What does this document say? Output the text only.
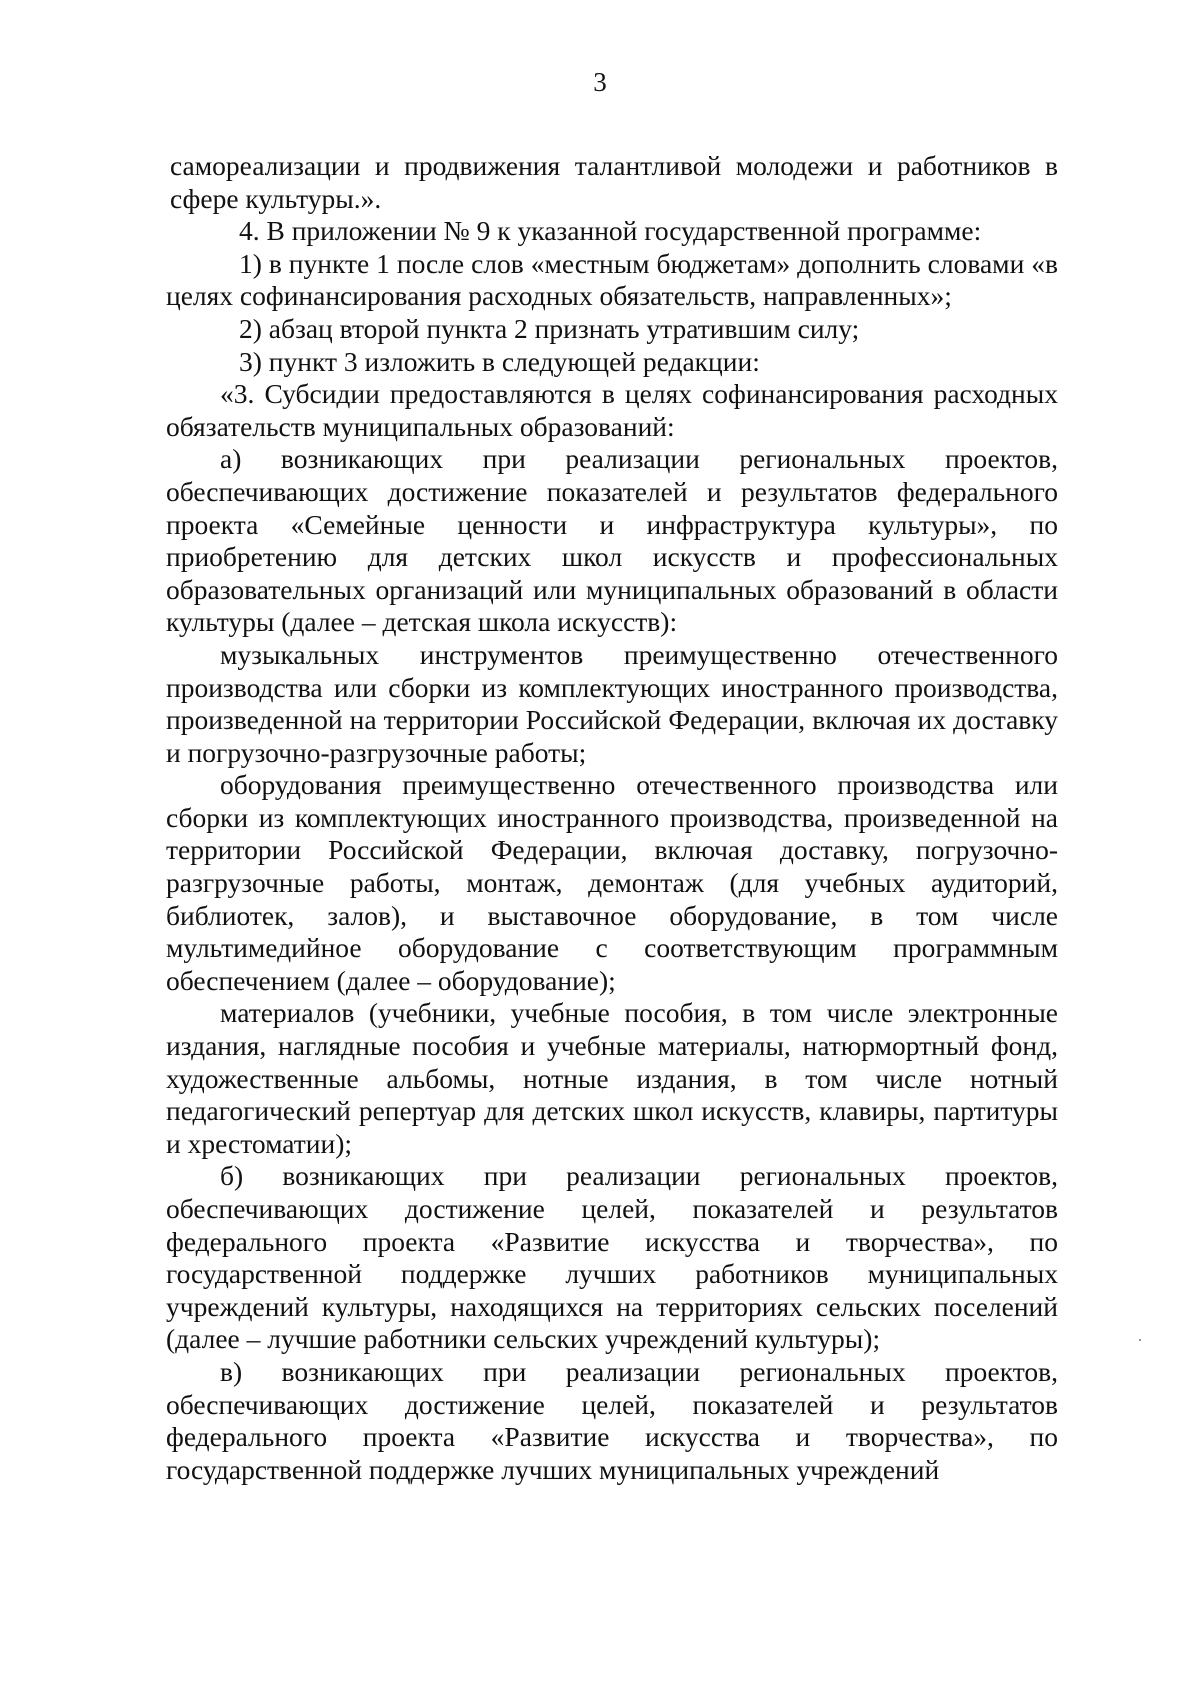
3

самореализации и продвижения талантливой молодежи и работников в сфере культуры.».

4. В приложении № 9 к указанной государственной программе:

1) в пункте 1 после слов «местным бюджетам» дополнить словами «в целях софинансирования расходных обязательств, направленных»;

2) абзац второй пункта 2 признать утратившим силу;

3) пункт 3 изложить в следующей редакции:

«3. Субсидии предоставляются в целях софинансирования расходных обязательств муниципальных образований:

а) возникающих при реализации региональных проектов, обеспечивающих достижение показателей и результатов федерального проекта «Семейные ценности и инфраструктура культуры», по приобретению для детских школ искусств и профессиональных образовательных организаций или муниципальных образований в области культуры (далее – детская школа искусств):

музыкальных инструментов преимущественно отечественного производства или сборки из комплектующих иностранного производства, произведенной на территории Российской Федерации, включая их доставку и погрузочно-разгрузочные работы;

оборудования преимущественно отечественного производства или сборки из комплектующих иностранного производства, произведенной на территории Российской Федерации, включая доставку, погрузочно-разгрузочные работы, монтаж, демонтаж (для учебных аудиторий, библиотек, залов), и выставочное оборудование, в том числе мультимедийное оборудование с соответствующим программным обеспечением (далее – оборудование);

материалов (учебники, учебные пособия, в том числе электронные издания, наглядные пособия и учебные материалы, натюрмортный фонд, художественные альбомы, нотные издания, в том числе нотный педагогический репертуар для детских школ искусств, клавиры, партитуры и хрестоматии);

б) возникающих при реализации региональных проектов, обеспечивающих достижение целей, показателей и результатов федерального проекта «Развитие искусства и творчества», по государственной поддержке лучших работников муниципальных учреждений культуры, находящихся на территориях сельских поселений (далее – лучшие работники сельских учреждений культуры);

в) возникающих при реализации региональных проектов, обеспечивающих достижение целей, показателей и результатов федерального проекта «Развитие искусства и творчества», по государственной поддержке лучших муниципальных учреждений
